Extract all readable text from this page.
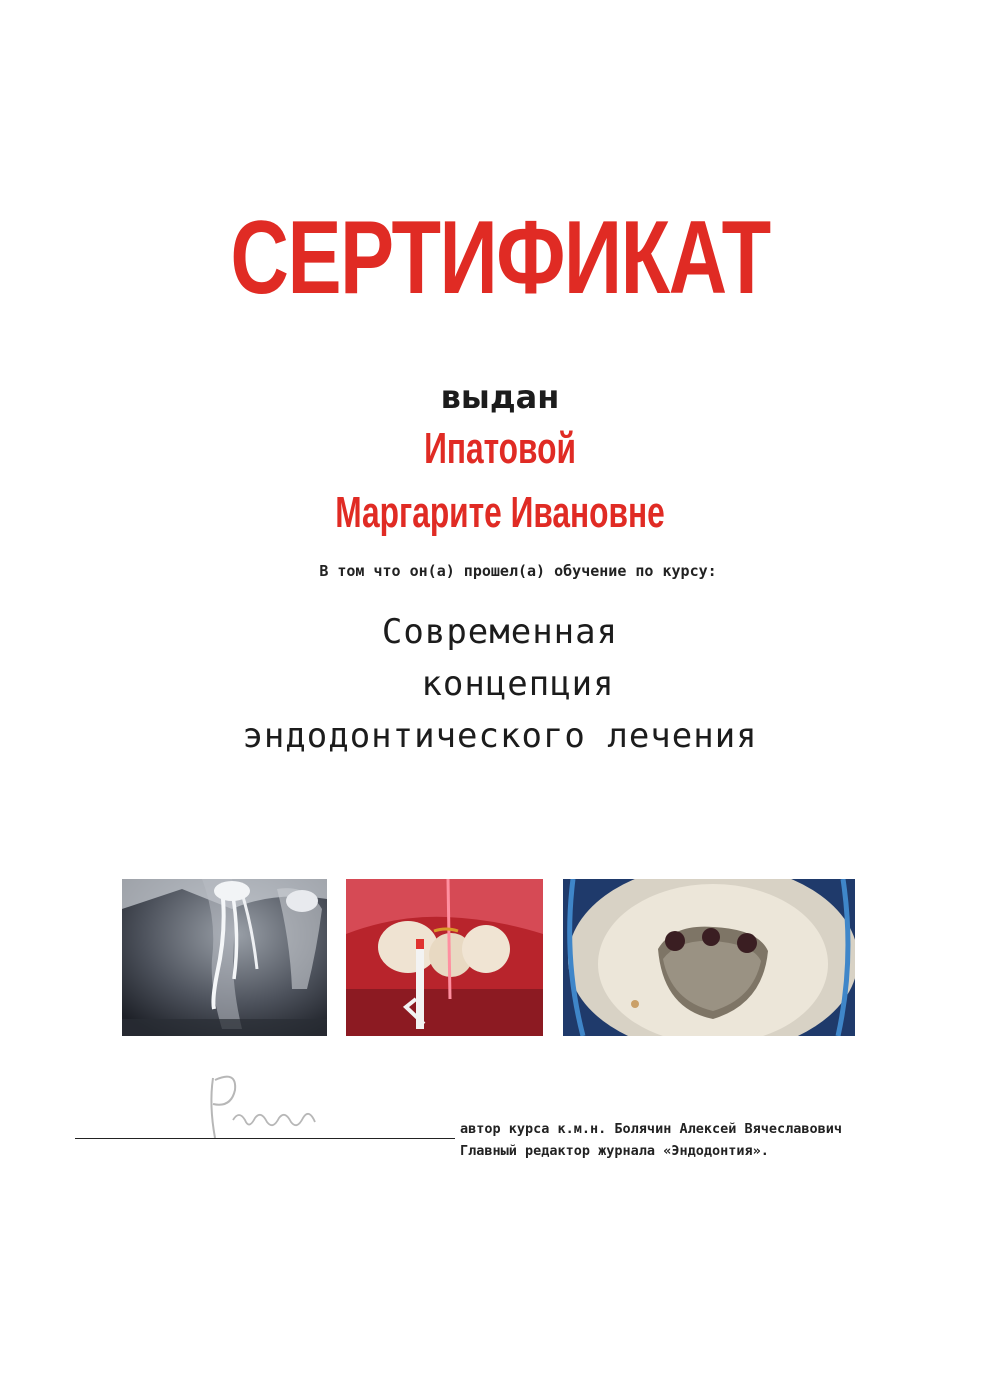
СЕРТИФИКАТ
выдан
Ипатовой
Маргарите Ивановне
В том что он(а) прошел(а) обучение по курсу:
Современная
концепция
эндодонтического лечения
автор курса к.м.н. Болячин Алексей Вячеславович
Главный редактор журнала «Эндодонтия».
